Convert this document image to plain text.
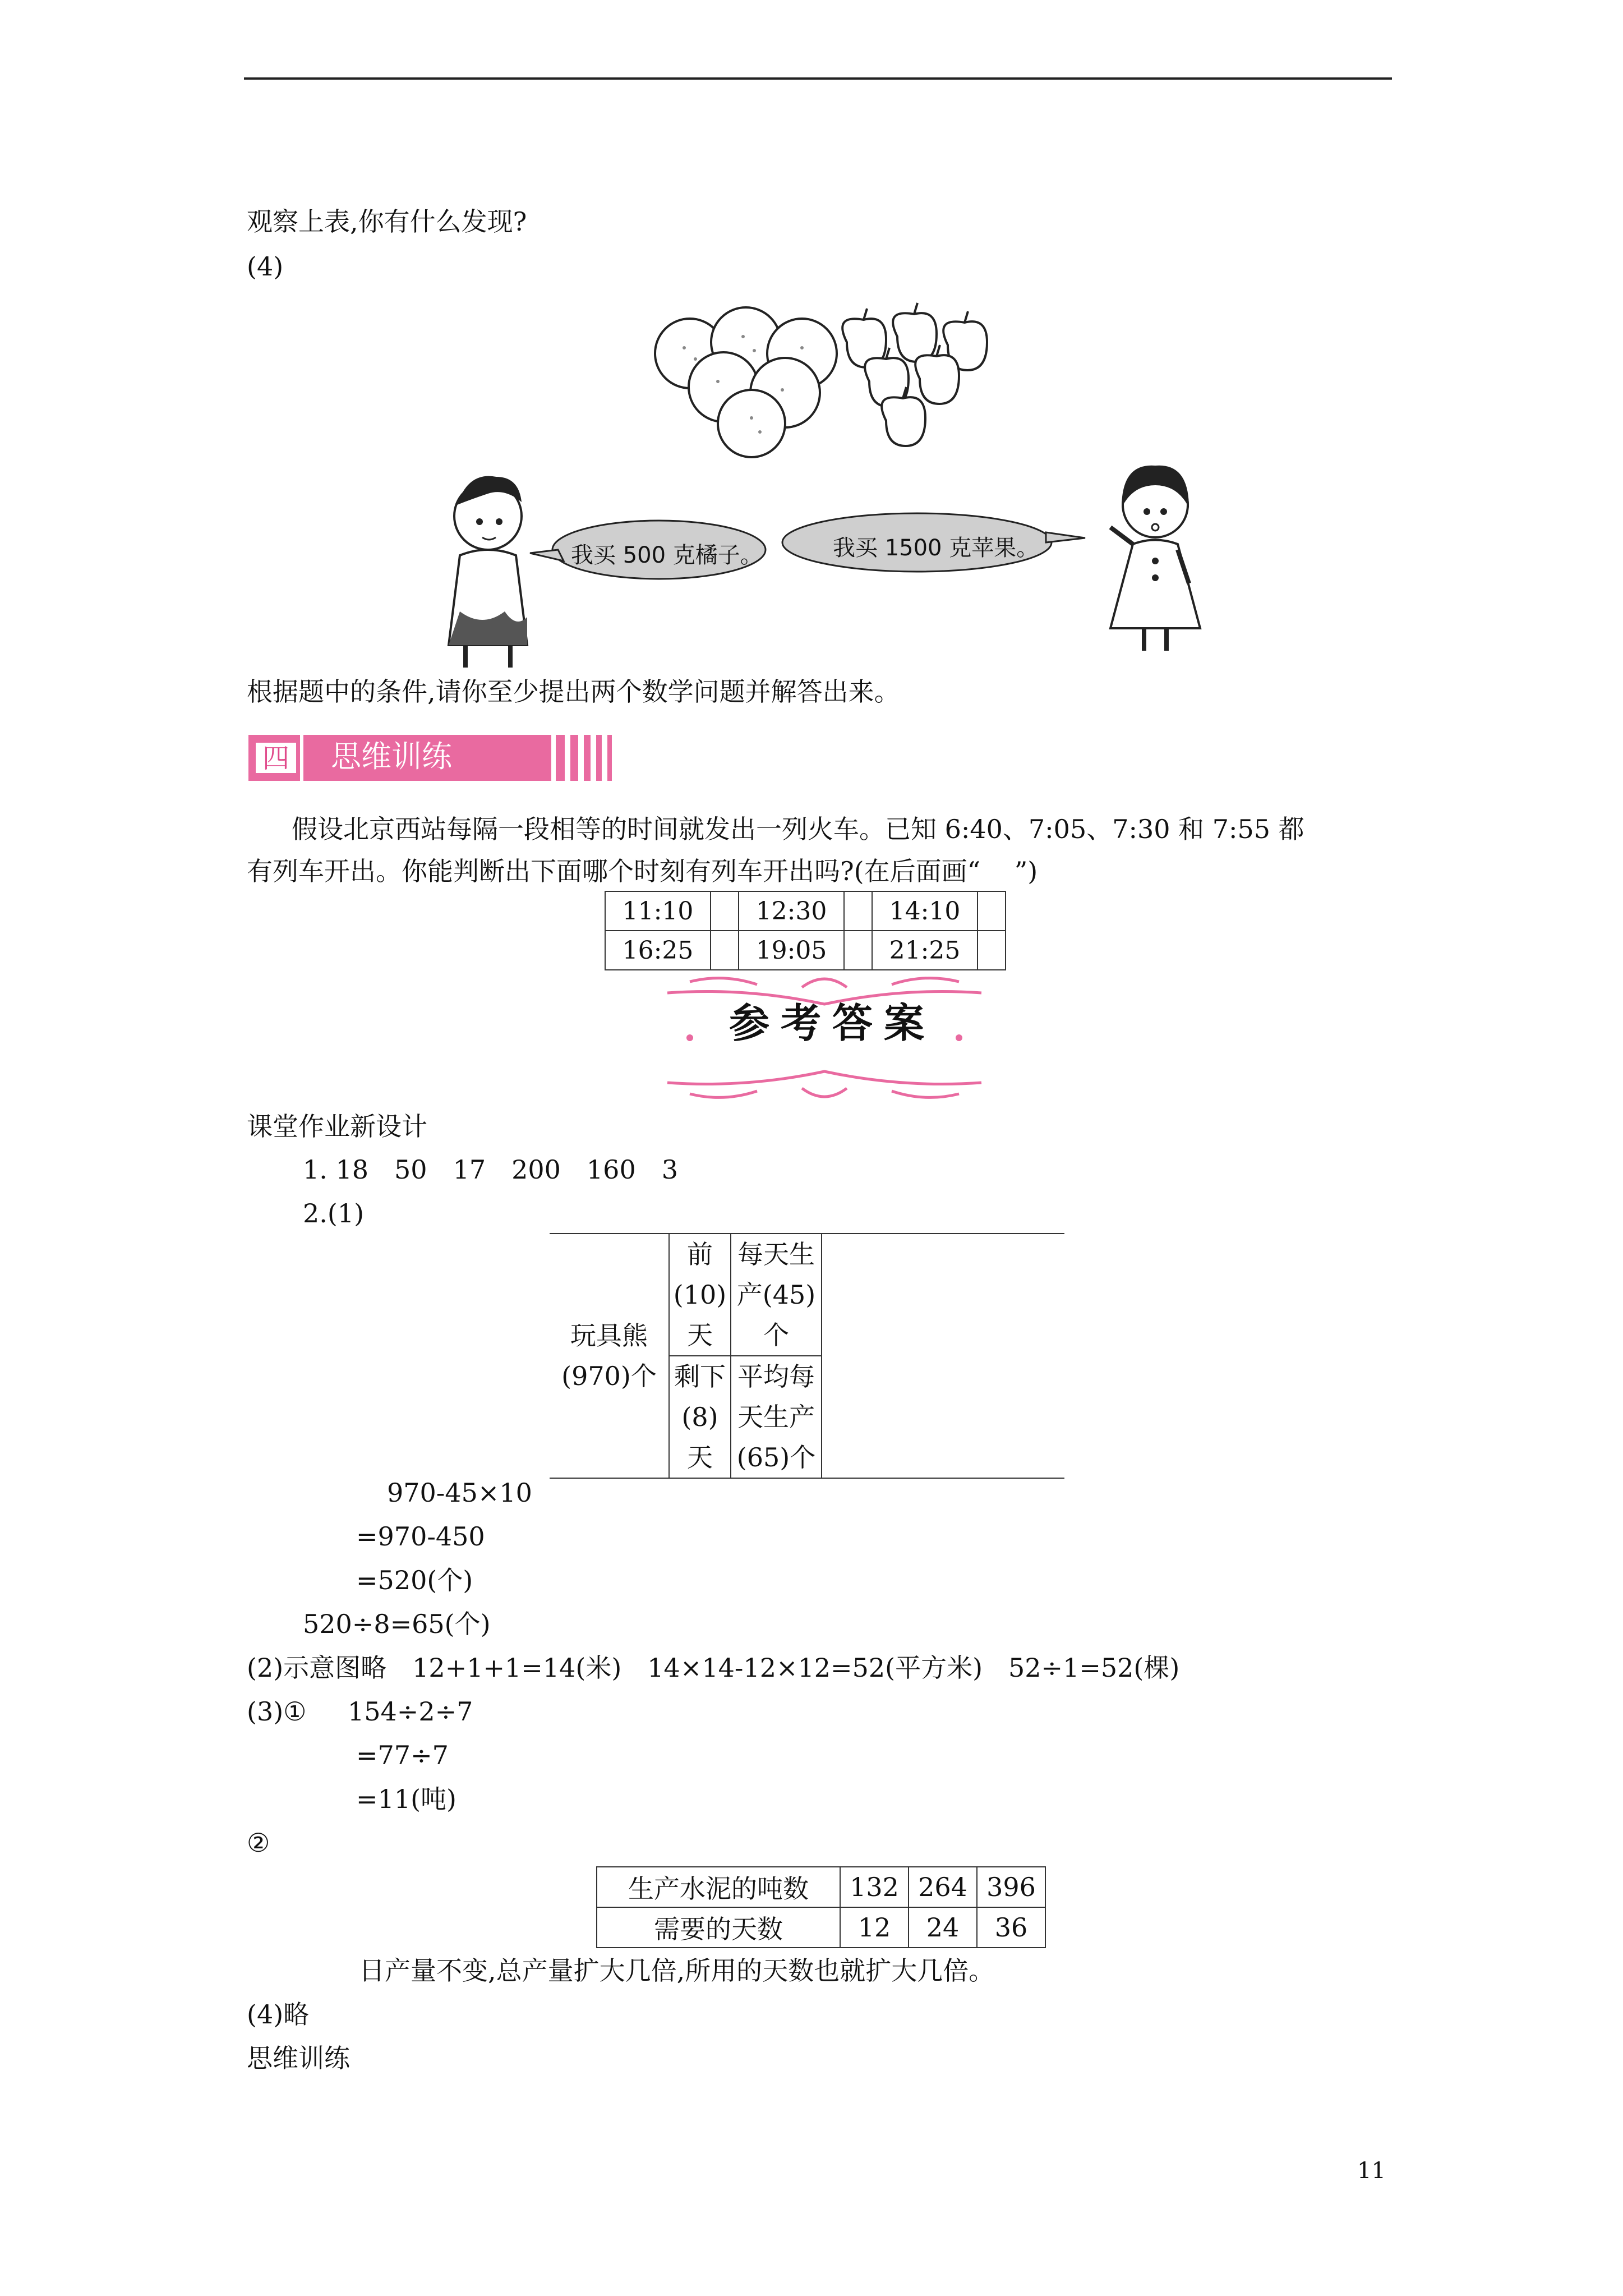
观察上表,你有什么发现?
(4)
我买 500 克橘子。	我买 1500 克苹果。
根据题中的条件,请你至少提出两个数学问题并解答出来。
四 思维训练
假设北京西站每隔一段相等的时间就发出一列火车。已知 6:40、7:05、7:30 和 7:55 都
有列车开出。你能判断出下面哪个时刻有列车开出吗?(在后面画“　 ”)
11:10		12:30		14:10	
16:25		19:05		21:25	
参考答案
课堂作业新设计
1. 18　50　17　200　160　3
2.(1)
玩具熊(970)个	前(10)天	每天生产(45)个	
	剩下(8)天	平均每天生产(65)个	
970-45×10
=970-450
=520(个)
520÷8=65(个)
(2)示意图略　12+1+1=14(米)　14×14-12×12=52(平方米)　52÷1=52(棵)
(3)① 154÷2÷7
=77÷7
=11(吨)
②
生产水泥的吨数	132	264	396
需要的天数	12	24	36
日产量不变,总产量扩大几倍,所用的天数也就扩大几倍。
(4)略
思维训练
11
